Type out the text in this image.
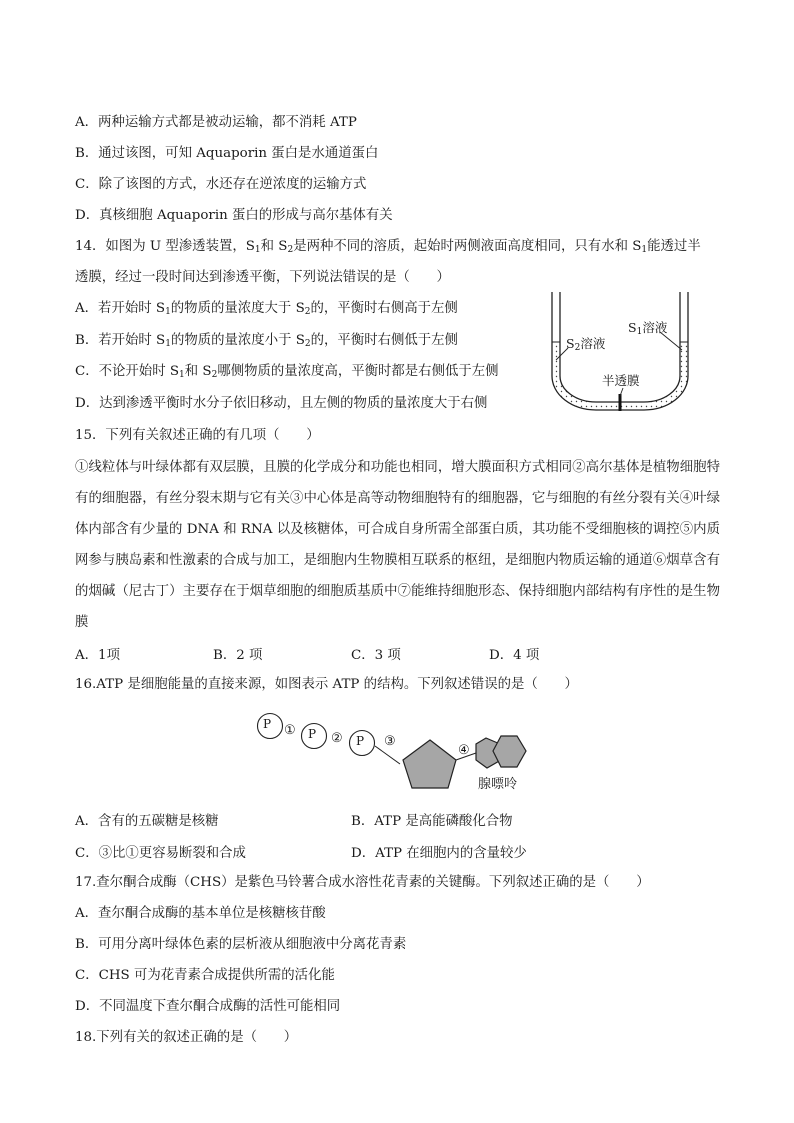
A．两种运输方式都是被动运输，都不消耗 ATP
B．通过该图，可知 Aquaporin 蛋白是水通道蛋白
C．除了该图的方式，水还存在逆浓度的运输方式
D．真核细胞 Aquaporin 蛋白的形成与高尔基体有关
14．如图为 U 型渗透装置，$S_1$和 $S_2$是两种不同的溶质，起始时两侧液面高度相同，只有水和 $S_1$能透过半
透膜，经过一段时间达到渗透平衡，下列说法错误的是（　　）
A．若开始时 $S_1$的物质的量浓度大于 $S_2$的，平衡时右侧高于左侧
B．若开始时 $S_1$的物质的量浓度小于 $S_2$的，平衡时右侧低于左侧
C．不论开始时 $S_1$和 $S_2$哪侧物质的量浓度高，平衡时都是右侧低于左侧
D．达到渗透平衡时水分子依旧移动，且左侧的物质的量浓度大于右侧
$S_1$溶液
$S_2$溶液
半透膜
15．下列有关叙述正确的有几项（　　）
①线粒体与叶绿体都有双层膜，且膜的化学成分和功能也相同，增大膜面积方式相同②高尔基体是植物细胞特有的细胞器，有丝分裂末期与它有关③中心体是高等动物细胞特有的细胞器，它与细胞的有丝分裂有关④叶绿体内部含有少量的 DNA 和 RNA 以及核糖体，可合成自身所需全部蛋白质，其功能不受细胞核的调控⑤内质网参与胰岛素和性激素的合成与加工，是细胞内生物膜相互联系的枢纽，是细胞内物质运输的通道⑥烟草含有的烟碱（尼古丁）主要存在于烟草细胞的细胞质基质中⑦能维持细胞形态、保持细胞内部结构有序性的是生物膜
A．1项	B．2 项	C．3 项	D．4 项
16.ATP 是细胞能量的直接来源，如图表示 ATP 的结构。下列叙述错误的是（　　）
P
P	P
①
②	③
④
腺嘌呤
A．含有的五碳糖是核糖	B．ATP 是高能磷酸化合物
C．③比①更容易断裂和合成	D．ATP 在细胞内的含量较少
17.查尔酮合成酶（CHS）是紫色马铃薯合成水溶性花青素的关键酶。下列叙述正确的是（　　）
A．查尔酮合成酶的基本单位是核糖核苷酸
B．可用分离叶绿体色素的层析液从细胞液中分离花青素
C．CHS 可为花青素合成提供所需的活化能
D．不同温度下查尔酮合成酶的活性可能相同
18.下列有关的叙述正确的是（　　）
